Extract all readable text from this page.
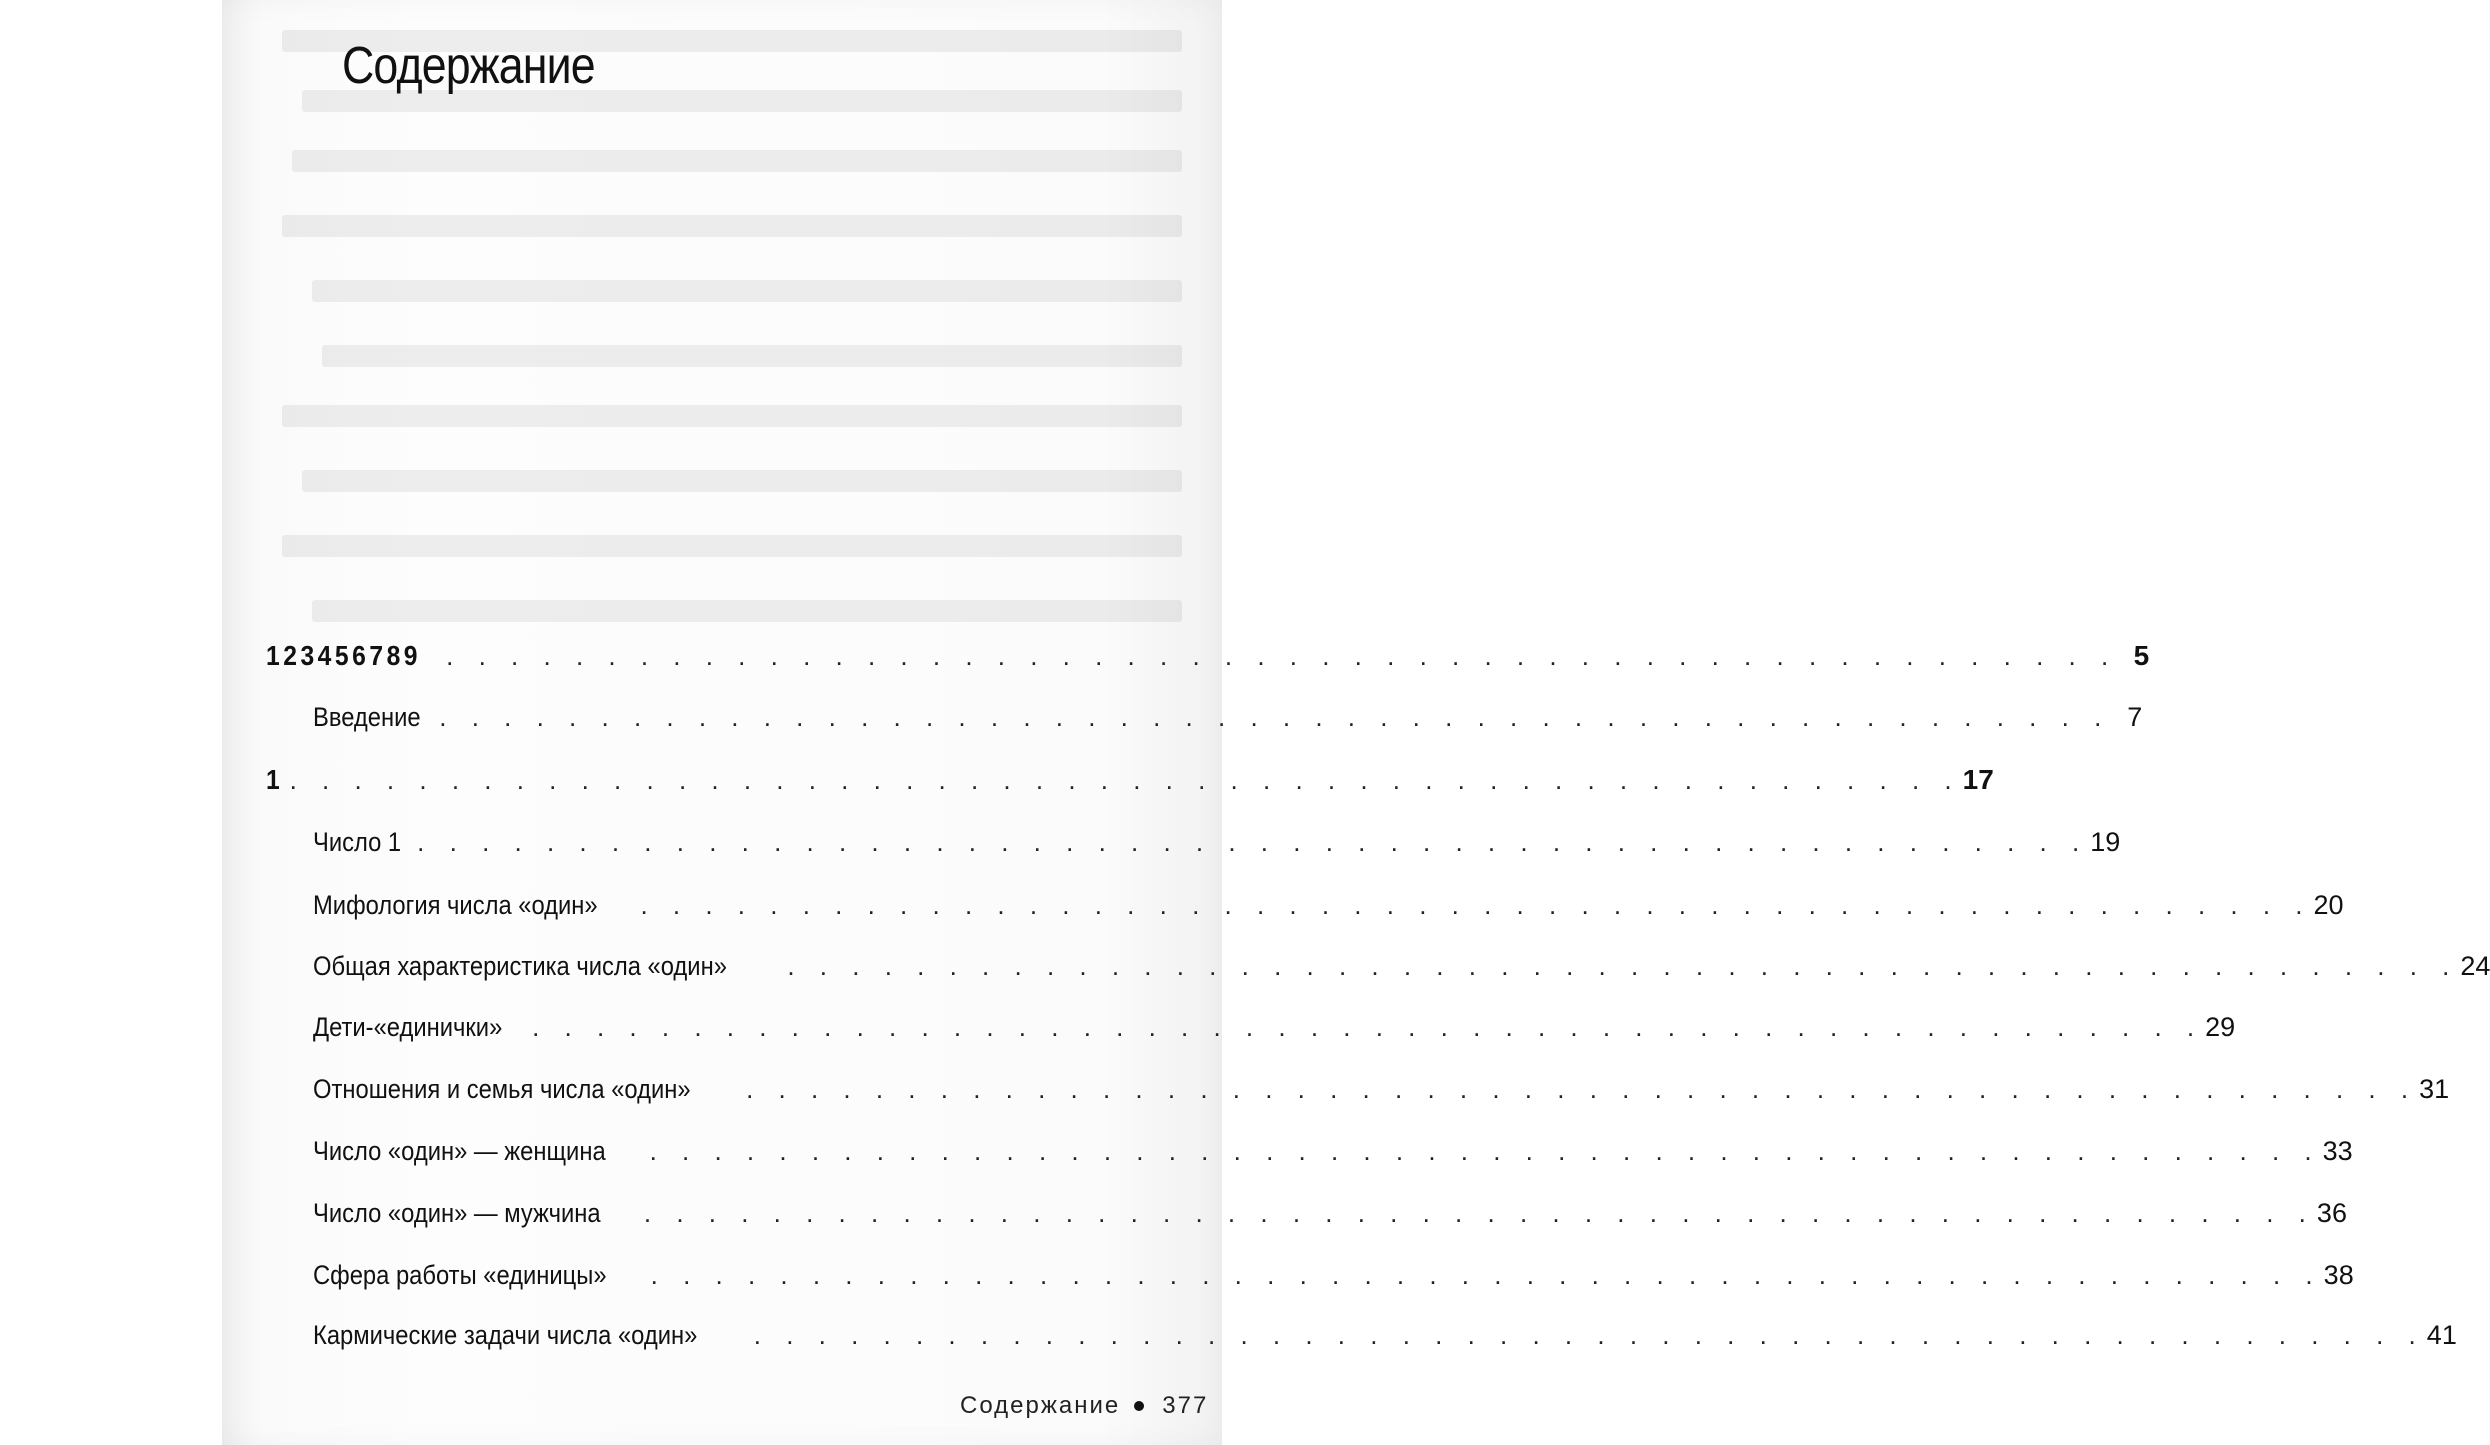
Содержание
123456789 . . . . . . . . . . . . . . . . . . . . . . . . . . . . . . . . . . . . . . . . . . . . . . . . . . . . 5
Введение . . . . . . . . . . . . . . . . . . . . . . . . . . . . . . . . . . . . . . . . . . . . . . . . . . . . 7
1 . . . . . . . . . . . . . . . . . . . . . . . . . . . . . . . . . . . . . . . . . . . . . . . . . . . . 17
Число 1 . . . . . . . . . . . . . . . . . . . . . . . . . . . . . . . . . . . . . . . . . . . . . . . . . . . . 19
Мифология числа «один» . . . . . . . . . . . . . . . . . . . . . . . . . . . . . . . . . . . . . . . . . . . . . . . . . . . . 20
Общая характеристика числа «один» . . . . . . . . . . . . . . . . . . . . . . . . . . . . . . . . . . . . . . . . . . . . . . . . . . . . 24
Дети-«единички» . . . . . . . . . . . . . . . . . . . . . . . . . . . . . . . . . . . . . . . . . . . . . . . . . . . . 29
Отношения и семья числа «один» . . . . . . . . . . . . . . . . . . . . . . . . . . . . . . . . . . . . . . . . . . . . . . . . . . . . 31
Число «один» — женщина . . . . . . . . . . . . . . . . . . . . . . . . . . . . . . . . . . . . . . . . . . . . . . . . . . . . 33
Число «один» — мужчина . . . . . . . . . . . . . . . . . . . . . . . . . . . . . . . . . . . . . . . . . . . . . . . . . . . . 36
Сфера работы «единицы» . . . . . . . . . . . . . . . . . . . . . . . . . . . . . . . . . . . . . . . . . . . . . . . . . . . . 38
Кармические задачи числа «один» . . . . . . . . . . . . . . . . . . . . . . . . . . . . . . . . . . . . . . . . . . . . . . . . . . . . 41
Содержание 377
